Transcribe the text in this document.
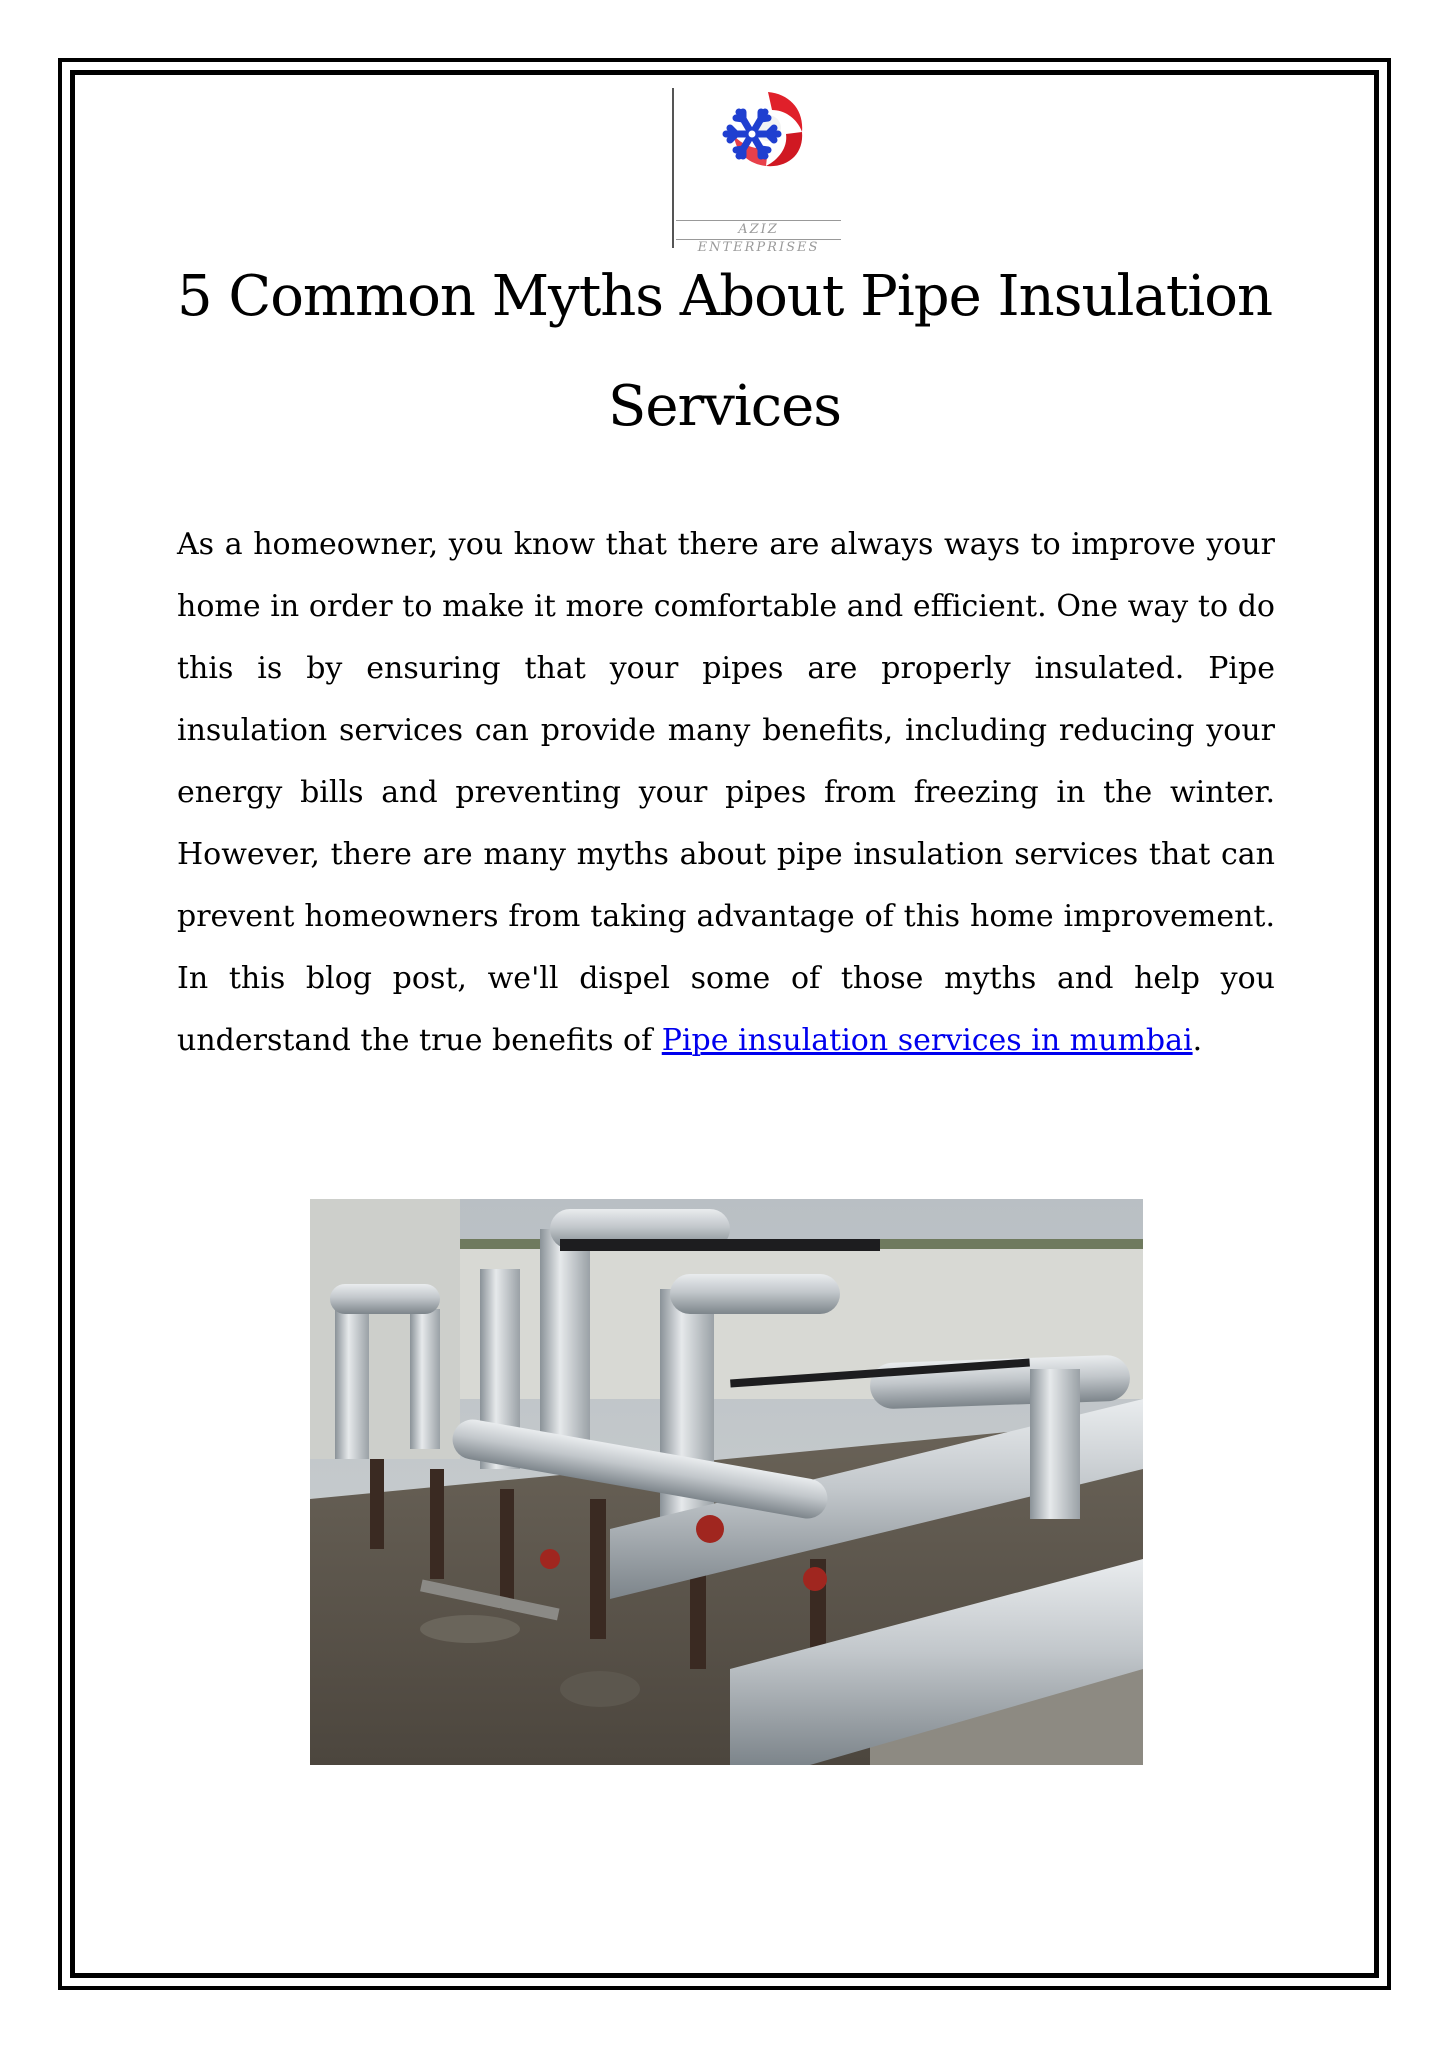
AZIZ ENTERPRISES
5 Common Myths About Pipe Insulation Services

As a homeowner, you know that there are always ways to improve your home in order to make it more comfortable and efficient. One way to do this is by ensuring that your pipes are properly insulated. Pipe insulation services can provide many benefits, including reducing your energy bills and preventing your pipes from freezing in the winter. However, there are many myths about pipe insulation services that can prevent homeowners from taking advantage of this home improvement. In this blog post, we'll dispel some of those myths and help you understand the true benefits of Pipe insulation services in mumbai.
